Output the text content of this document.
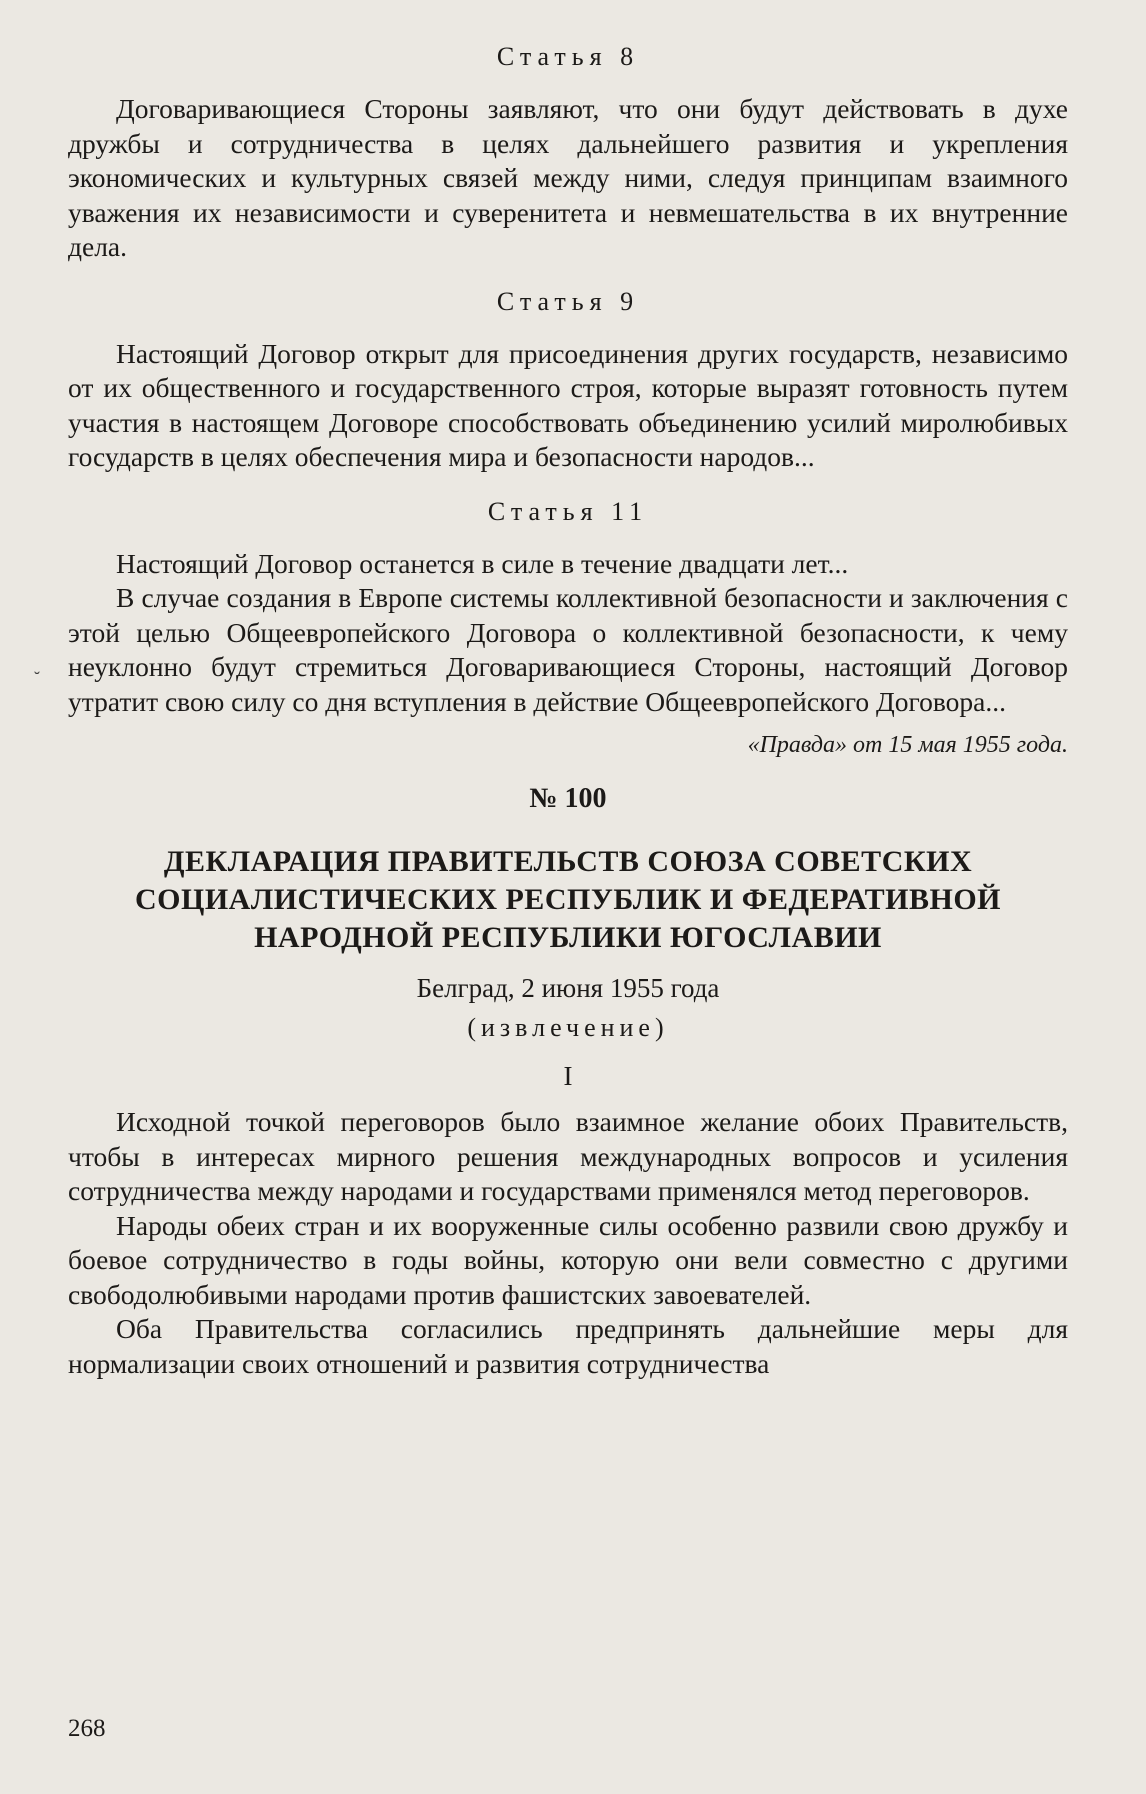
˘
Статья 8

Договаривающиеся Стороны заявляют, что они будут действовать в духе дружбы и сотрудничества в целях дальнейшего развития и укрепления экономических и культурных связей между ними, следуя принципам взаимного уважения их независимости и суверенитета и невмешательства в их внутренние дела.

Статья 9

Настоящий Договор открыт для присоединения других государств, независимо от их общественного и государственного строя, которые выразят готовность путем участия в настоящем Договоре способствовать объединению усилий миролюбивых государств в целях обеспечения мира и безопасности народов...

Статья 11

Настоящий Договор останется в силе в течение двадцати лет...

В случае создания в Европе системы коллективной безопасности и заключения с этой целью Общеевропейского Договора о коллективной безопасности, к чему неуклонно будут стремиться Договаривающиеся Стороны, настоящий Договор утратит свою силу со дня вступления в действие Общеевропейского Договора...

«Правда» от 15 мая 1955 года.
№ 100
ДЕКЛАРАЦИЯ ПРАВИТЕЛЬСТВ СОЮЗА СОВЕТСКИХ СОЦИАЛИСТИЧЕСКИХ РЕСПУБЛИК И ФЕДЕРАТИВНОЙ НАРОДНОЙ РЕСПУБЛИКИ ЮГОСЛАВИИ
Белград, 2 июня 1955 года
(извлечение)
I

Исходной точкой переговоров было взаимное желание обоих Правительств, чтобы в интересах мирного решения международных вопросов и усиления сотрудничества между народами и государствами применялся метод переговоров.

Народы обеих стран и их вооруженные силы особенно развили свою дружбу и боевое сотрудничество в годы войны, которую они вели совместно с другими свободолюбивыми народами против фашистских завоевателей.

Оба Правительства согласились предпринять дальнейшие меры для нормализации своих отношений и развития сотрудничества

268
